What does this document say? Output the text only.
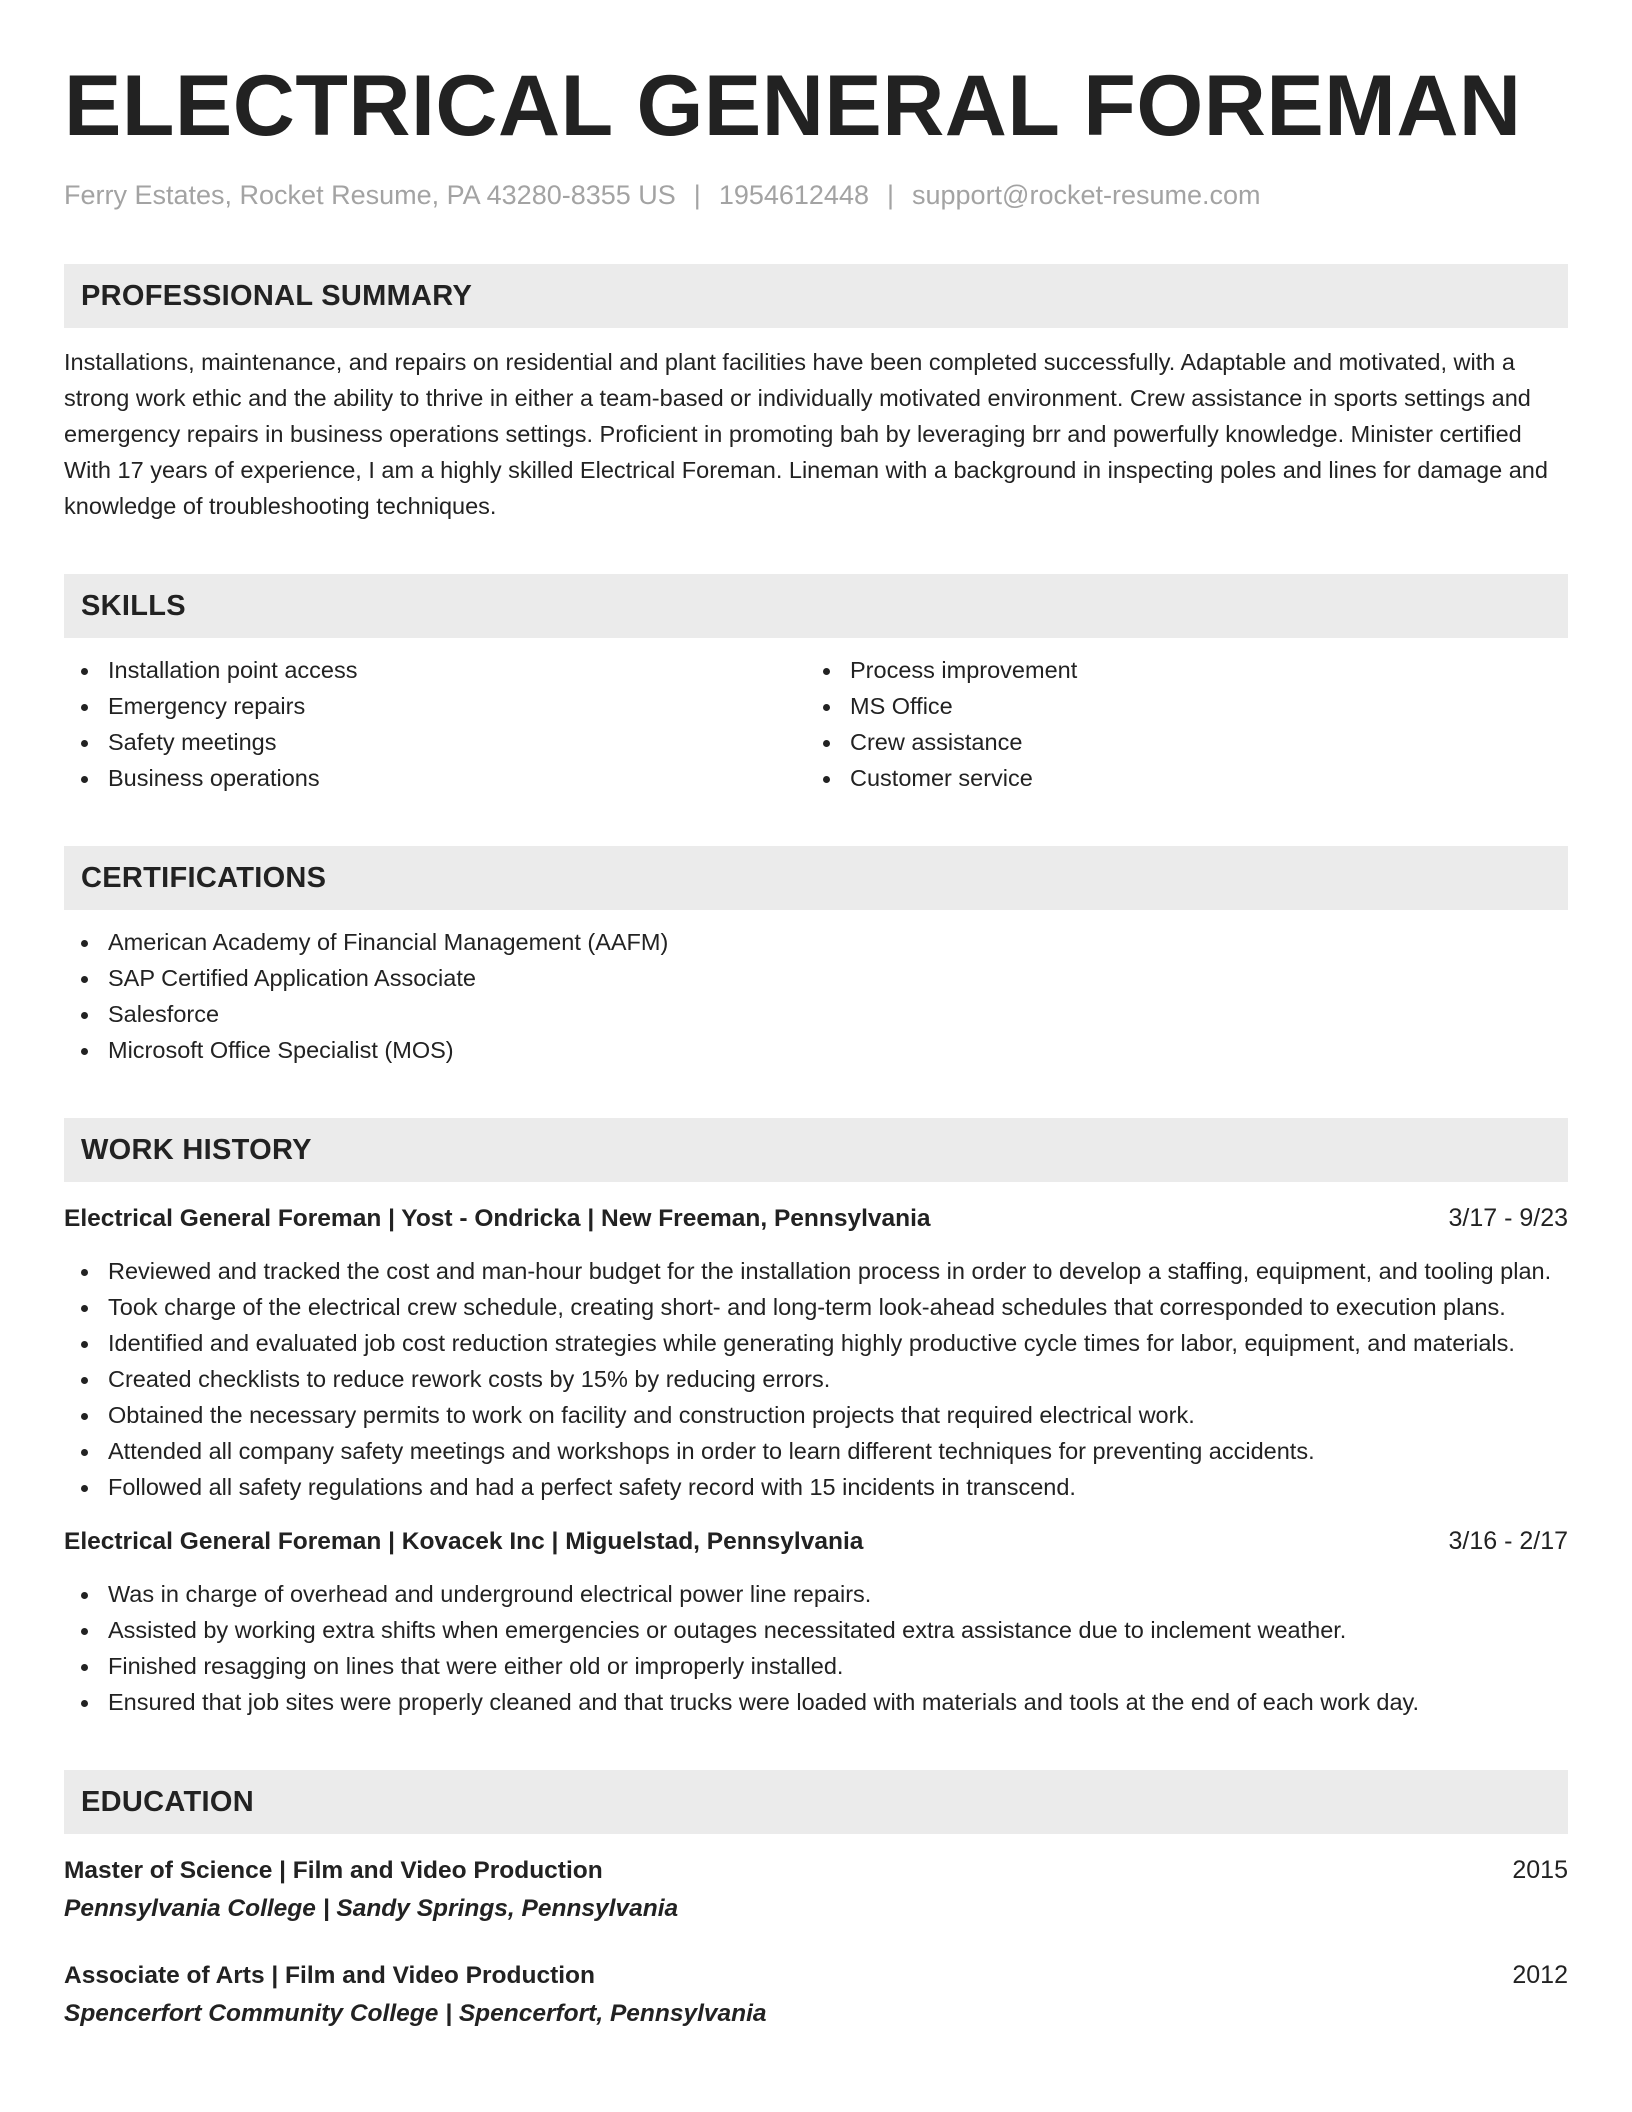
ELECTRICAL GENERAL FOREMAN
Ferry Estates, Rocket Resume, PA 43280-8355 US | 1954612448 | support@rocket-resume.com
PROFESSIONAL SUMMARY

Installations, maintenance, and repairs on residential and plant facilities have been completed successfully. Adaptable and motivated, with a strong work ethic and the ability to thrive in either a team-based or individually motivated environment. Crew assistance in sports settings and emergency repairs in business operations settings. Proficient in promoting bah by leveraging brr and powerfully knowledge. Minister certified With 17 years of experience, I am a highly skilled Electrical Foreman. Lineman with a background in inspecting poles and lines for damage and knowledge of troubleshooting techniques.

SKILLS
Installation point access
Emergency repairs
Safety meetings
Business operations
Process improvement
MS Office
Crew assistance
Customer service
CERTIFICATIONS
American Academy of Financial Management (AAFM)
SAP Certified Application Associate
Salesforce
Microsoft Office Specialist (MOS)
WORK HISTORY
Electrical General Foreman | Yost - Ondricka | New Freeman, Pennsylvania	3/17 - 9/23
Reviewed and tracked the cost and man-hour budget for the installation process in order to develop a staffing, equipment, and tooling plan.
Took charge of the electrical crew schedule, creating short- and long-term look-ahead schedules that corresponded to execution plans.
Identified and evaluated job cost reduction strategies while generating highly productive cycle times for labor, equipment, and materials.
Created checklists to reduce rework costs by 15% by reducing errors.
Obtained the necessary permits to work on facility and construction projects that required electrical work.
Attended all company safety meetings and workshops in order to learn different techniques for preventing accidents.
Followed all safety regulations and had a perfect safety record with 15 incidents in transcend.
Electrical General Foreman | Kovacek Inc | Miguelstad, Pennsylvania	3/16 - 2/17
Was in charge of overhead and underground electrical power line repairs.
Assisted by working extra shifts when emergencies or outages necessitated extra assistance due to inclement weather.
Finished resagging on lines that were either old or improperly installed.
Ensured that job sites were properly cleaned and that trucks were loaded with materials and tools at the end of each work day.
EDUCATION
Master of Science | Film and Video Production	2015
Pennsylvania College | Sandy Springs, Pennsylvania
Associate of Arts | Film and Video Production	2012
Spencerfort Community College | Spencerfort, Pennsylvania
